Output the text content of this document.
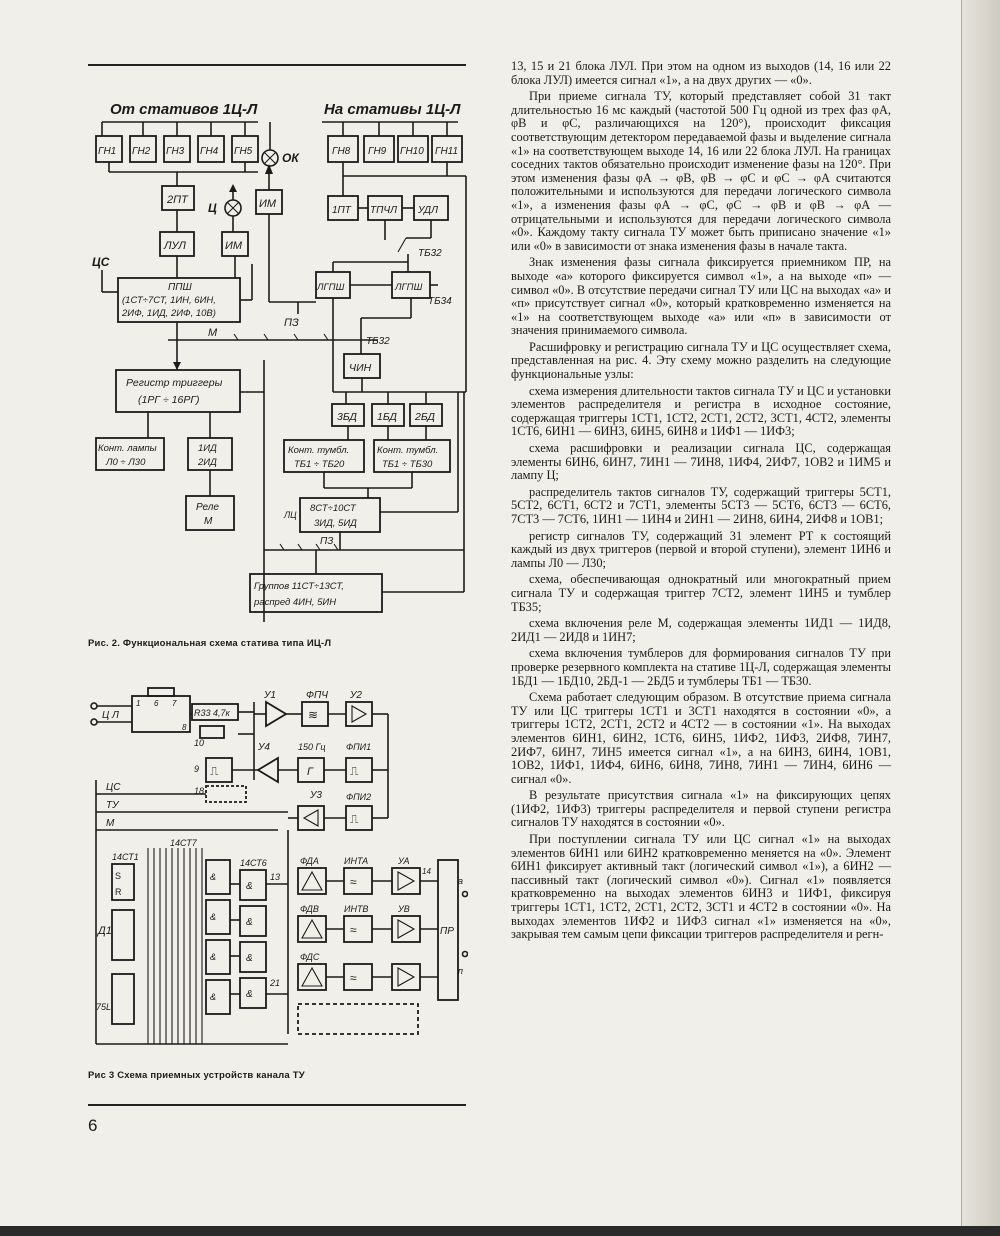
От стативов 1Ц-Л	На стативы 1Ц-Л
ГН1 ГН2 ГН3 ГН4 ГН5 ОК	ГН8 ГН9 ГН10 ГН11
2ПТ
Ц	ИМ
ЛУЛ	ИМ
ЦС
ППШ
(1СТ÷7СТ, 1ИН, 6ИН,
2ИФ, 1ИД, 2ИФ, 10В)
1ПТ ТПЧЛ УДЛ
ТБ32
ЛГПШ	ЛГПШ
ТБ34
ПЗ
М
ТБ32
ЧИН
Регистр триггеры
(1РГ ÷ 16РГ)
3БД 1БД 2БД
Конт. лампы
Л0 ÷ Л30
1ИД
2ИД
Конт. тумбл.
ТБ1 ÷ ТБ20
Конт. тумбл.
ТБ1 ÷ ТБ30
Реле
М
ЛЦ
8СТ÷10СТ
3ИД, 5ИД
ПЗ
Группов 11СТ÷13СТ,
распред 4ИН, 5ИН
Рис. 2. Функциональная схема статива типа ИЦ-Л
Ц Л
1 6 7
8
R33 4,7к
У1	ФПЧ
≋
У2
10
9 ⎍
У4	150 Гц
Г
ФПИ1
⎍
18
ФПИ2
⎍
ЦС
ТУ
М
У3
14СТ1
S
R
Д1
75L
14СТ7
&
&
&
&
14СТ6
&
&
&
&
13
21
ФДА	ИНТА
≈
УА
14
ФДВ	ИНТВ
≈
УВ
ФДС
≈
ПР
а
п
Рис 3 Схема приемных устройств канала ТУ
6

13, 15 и 21 блока ЛУЛ. При этом на одном из выходов (14, 16 или 22 блока ЛУЛ) имеется сигнал «1», а на двух других — «0».

При приеме сигнала ТУ, который представляет собой 31 такт длительностью 16 мс каждый (частотой 500 Гц одной из трех фаз φА, φВ и φС, различающихся на 120°), происходит фиксация соответствующим детектором передаваемой фазы и выделение сигнала «1» на соответствующем выходе 14, 16 или 22 блока ЛУЛ. На границах соседних тактов обязательно происходит изменение фазы на 120°. При этом изменения фазы φА → φВ, φВ → φС и φС → φА считаются положительными и используются для передачи логического символа «1», а изменения фазы φА → φС, φС → φВ и φВ → φА — отрицательными и используются для передачи логического символа «0». Каждому такту сигнала ТУ может быть приписано значение «1» или «0» в зависимости от знака изменения фазы в начале такта.

Знак изменения фазы сигнала фиксируется приемником ПР, на выходе «а» которого фиксируется символ «1», а на выходе «п» — символ «0». В отсутствие передачи сигнал ТУ или ЦС на выходах «а» и «п» присутствует сигнал «0», который кратковременно изменяется на «1» на соответствующем выходе «а» или «п» в зависимости от значения принимаемого символа.

Расшифровку и регистрацию сигнала ТУ и ЦС осуществляет схема, представленная на рис. 4. Эту схему можно разделить на следующие функциональные узлы:

схема измерения длительности тактов сигнала ТУ и ЦС и установки элементов распределителя и регистра в исходное состояние, содержащая триггеры 1СТ1, 1СТ2, 2СТ1, 2СТ2, 3СТ1, 4СТ2, элементы 1СТ6, 6ИН1 — 6ИН3, 6ИН5, 6ИН8 и 1ИФ1 — 1ИФ3;

схема расшифровки и реализации сигнала ЦС, содержащая элементы 6ИН6, 6ИН7, 7ИН1 — 7ИН8, 1ИФ4, 2ИФ7, 1ОВ2 и 1ИМ5 и лампу Ц;

распределитель тактов сигналов ТУ, содержащий триггеры 5СТ1, 5СТ2, 6СТ1, 6СТ2 и 7СТ1, элементы 5СТ3 — 5СТ6, 6СТ3 — 6СТ6, 7СТ3 — 7СТ6, 1ИН1 — 1ИН4 и 2ИН1 — 2ИН8, 6ИН4, 2ИФ8 и 1ОВ1;

регистр сигналов ТУ, содержащий 31 элемент РТ к состоящий каждый из двух триггеров (первой и второй ступени), элемент 1ИН6 и лампы Л0 — Л30;

схема, обеспечивающая однократный или многократный прием сигнала ТУ и содержащая триггер 7СТ2, элемент 1ИН5 и тумблер ТБ35;

схема включения реле М, содержащая элементы 1ИД1 — 1ИД8, 2ИД1 — 2ИД8 и 1ИН7;

схема включения тумблеров для формирования сигналов ТУ при проверке резервного комплекта на стативе 1Ц-Л, содержащая элементы 1БД1 — 1БД10, 2БД-1 — 2БД5 и тумблеры ТБ1 — ТБ30.

Схема работает следующим образом. В отсутствие приема сигнала ТУ или ЦС триггеры 1СТ1 и 3СТ1 находятся в состоянии «0», а триггеры 1СТ2, 2СТ1, 2СТ2 и 4СТ2 — в состоянии «1». На выходах элементов 6ИН1, 6ИН2, 1СТ6, 6ИН5, 1ИФ2, 1ИФ3, 2ИФ8, 7ИН7, 2ИФ7, 6ИН7, 7ИН5 имеется сигнал «1», а на 6ИН3, 6ИН4, 1ОВ1, 1ОВ2, 1ИФ1, 1ИФ4, 6ИН6, 6ИН8, 7ИН8, 7ИН1 — 7ИН4, 6ИН6 — сигнал «0».

В результате присутствия сигнала «1» на фиксирующих цепях (1ИФ2, 1ИФ3) триггеры распределителя и первой ступени регистра сигналов ТУ находятся в состоянии «0».

При поступлении сигнала ТУ или ЦС сигнал «1» на выходах элементов 6ИН1 или 6ИН2 кратковременно меняется на «0». Элемент 6ИН1 фиксирует активный такт (логический символ «1»), а 6ИН2 — пассивный такт (логический символ «0»). Сигнал «1» появляется кратковременно на выходах элементов 6ИН3 и 1ИФ1, фиксируя триггеры 1СТ1, 1СТ2, 2СТ1, 2СТ2, 3СТ1 и 4СТ2 в состоянии «0». На выходах элементов 1ИФ2 и 1ИФ3 сигнал «1» изменяется на «0», закрывая тем самым цепи фиксации триггеров распределителя и регн-
